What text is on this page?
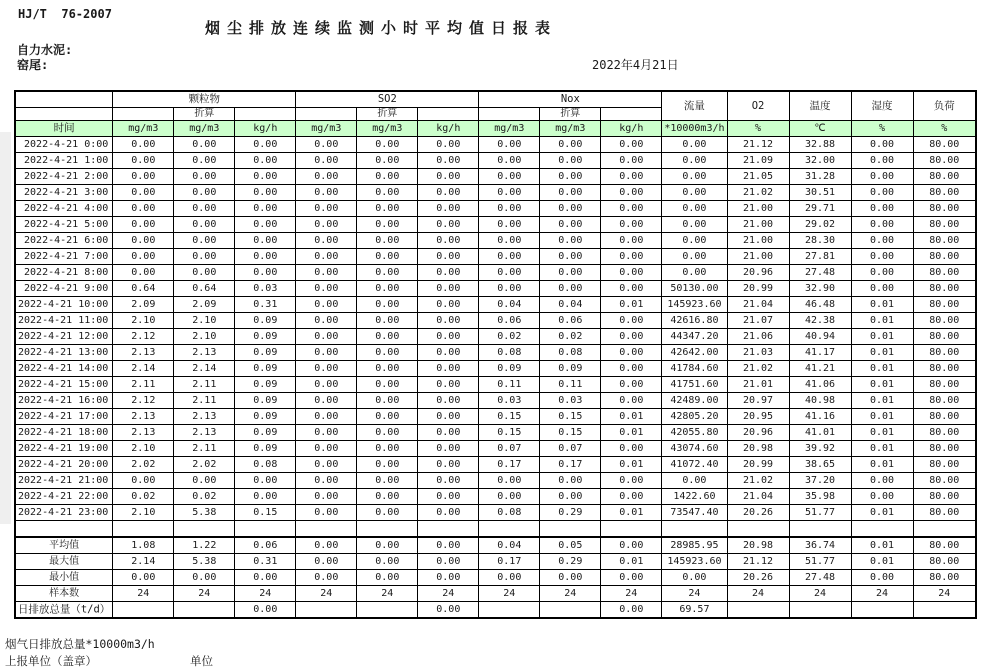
HJ/T  76-2007
烟尘排放连续监测小时平均值日报表
自力水泥:
窑尾:	2022年4月21日
	颗粒物			SO2			Nox			流量	O2	温度	湿度	负荷
		折算			折算			折算						
时间	mg/m3	mg/m3	kg/h	mg/m3	mg/m3	kg/h	mg/m3	mg/m3	kg/h	*10000m3/h	%	℃	%	%
2022-4-21 0:00	0.00	0.00	0.00	0.00	0.00	0.00	0.00	0.00	0.00	0.00	21.12	32.88	0.00	80.00
2022-4-21 1:00	0.00	0.00	0.00	0.00	0.00	0.00	0.00	0.00	0.00	0.00	21.09	32.00	0.00	80.00
2022-4-21 2:00	0.00	0.00	0.00	0.00	0.00	0.00	0.00	0.00	0.00	0.00	21.05	31.28	0.00	80.00
2022-4-21 3:00	0.00	0.00	0.00	0.00	0.00	0.00	0.00	0.00	0.00	0.00	21.02	30.51	0.00	80.00
2022-4-21 4:00	0.00	0.00	0.00	0.00	0.00	0.00	0.00	0.00	0.00	0.00	21.00	29.71	0.00	80.00
2022-4-21 5:00	0.00	0.00	0.00	0.00	0.00	0.00	0.00	0.00	0.00	0.00	21.00	29.02	0.00	80.00
2022-4-21 6:00	0.00	0.00	0.00	0.00	0.00	0.00	0.00	0.00	0.00	0.00	21.00	28.30	0.00	80.00
2022-4-21 7:00	0.00	0.00	0.00	0.00	0.00	0.00	0.00	0.00	0.00	0.00	21.00	27.81	0.00	80.00
2022-4-21 8:00	0.00	0.00	0.00	0.00	0.00	0.00	0.00	0.00	0.00	0.00	20.96	27.48	0.00	80.00
2022-4-21 9:00	0.64	0.64	0.03	0.00	0.00	0.00	0.00	0.00	0.00	50130.00	20.99	32.90	0.00	80.00
2022-4-21 10:00	2.09	2.09	0.31	0.00	0.00	0.00	0.04	0.04	0.01	145923.60	21.04	46.48	0.01	80.00
2022-4-21 11:00	2.10	2.10	0.09	0.00	0.00	0.00	0.06	0.06	0.00	42616.80	21.07	42.38	0.01	80.00
2022-4-21 12:00	2.12	2.10	0.09	0.00	0.00	0.00	0.02	0.02	0.00	44347.20	21.06	40.94	0.01	80.00
2022-4-21 13:00	2.13	2.13	0.09	0.00	0.00	0.00	0.08	0.08	0.00	42642.00	21.03	41.17	0.01	80.00
2022-4-21 14:00	2.14	2.14	0.09	0.00	0.00	0.00	0.09	0.09	0.00	41784.60	21.02	41.21	0.01	80.00
2022-4-21 15:00	2.11	2.11	0.09	0.00	0.00	0.00	0.11	0.11	0.00	41751.60	21.01	41.06	0.01	80.00
2022-4-21 16:00	2.12	2.11	0.09	0.00	0.00	0.00	0.03	0.03	0.00	42489.00	20.97	40.98	0.01	80.00
2022-4-21 17:00	2.13	2.13	0.09	0.00	0.00	0.00	0.15	0.15	0.01	42805.20	20.95	41.16	0.01	80.00
2022-4-21 18:00	2.13	2.13	0.09	0.00	0.00	0.00	0.15	0.15	0.01	42055.80	20.96	41.01	0.01	80.00
2022-4-21 19:00	2.10	2.11	0.09	0.00	0.00	0.00	0.07	0.07	0.00	43074.60	20.98	39.92	0.01	80.00
2022-4-21 20:00	2.02	2.02	0.08	0.00	0.00	0.00	0.17	0.17	0.01	41072.40	20.99	38.65	0.01	80.00
2022-4-21 21:00	0.00	0.00	0.00	0.00	0.00	0.00	0.00	0.00	0.00	0.00	21.02	37.20	0.00	80.00
2022-4-21 22:00	0.02	0.02	0.00	0.00	0.00	0.00	0.00	0.00	0.00	1422.60	21.04	35.98	0.00	80.00
2022-4-21 23:00	2.10	5.38	0.15	0.00	0.00	0.00	0.08	0.29	0.01	73547.40	20.26	51.77	0.01	80.00

平均值	1.08	1.22	0.06	0.00	0.00	0.00	0.04	0.05	0.00	28985.95	20.98	36.74	0.01	80.00
最大值	2.14	5.38	0.31	0.00	0.00	0.00	0.17	0.29	0.01	145923.60	21.12	51.77	0.01	80.00
最小值	0.00	0.00	0.00	0.00	0.00	0.00	0.00	0.00	0.00	0.00	20.26	27.48	0.00	80.00
样本数	24	24	24	24	24	24	24	24	24	24	24	24	24	24

日排放总量（t/d）			0.00			0.00			0.00	69.57				
烟气日排放总量*10000m3/h
上报单位（盖章）	单位
